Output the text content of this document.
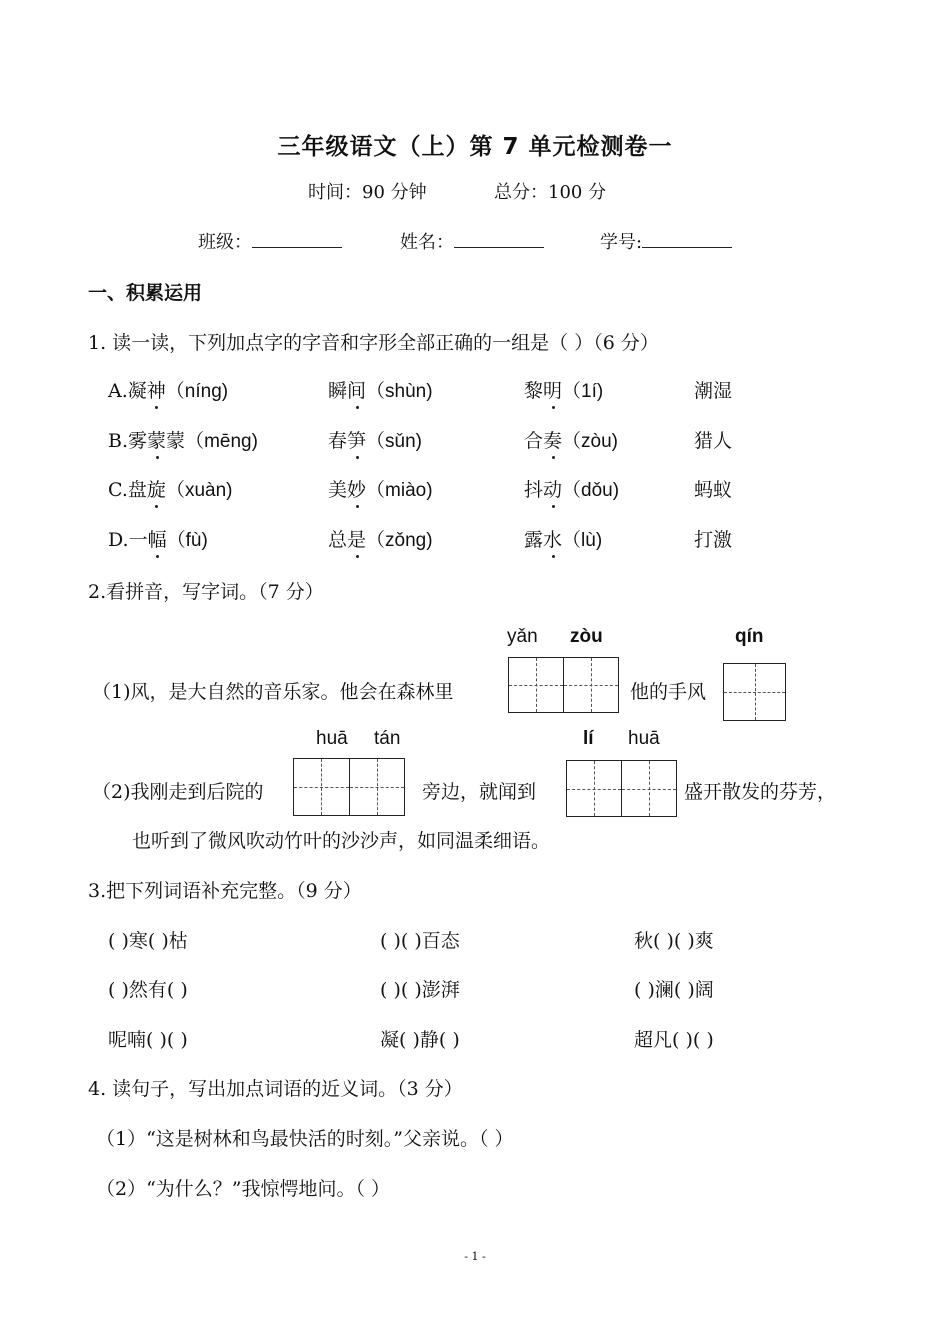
三年级语文（上）第 7 单元检测卷一
时间：90 分钟	总分：100 分
班级：	姓名：	学号:
一、积累运用
1. 读一读，下列加点字的字音和字形全部正确的一组是（ ）（6 分）
A.凝神（níng)	瞬间（shùn)	黎明（1í)	潮湿
B.雾蒙蒙（mēng)	春笋（sǔn)	合奏（zòu)	猎人
C.盘旋（xuàn)	美妙（miào)	抖动（dǒu)	蚂蚁
D.一幅（fù)	总是（zǒng)	露水（lù)	打激
2.看拼音，写字词。（7 分）
yǎn zòu	qín
（1)风，是大自然的音乐家。他会在森林里	他的手风
huā tán	lí huā
（2)我刚走到后院的	旁边，就闻到	盛开散发的芬芳，
也听到了微风吹动竹叶的沙沙声，如同温柔细语。
3.把下列词语补充完整。（9 分）
( )寒( )枯	( )( )百态	秋( )( )爽
( )然有( )	( )( )澎湃	( )澜( )阔
呢喃( )( )	凝( )静( )	超凡( )( )
4. 读句子，写出加点词语的近义词。（3 分）
（1）“这是树林和鸟最快活的时刻。”父亲说。（ ）
（2）“为什么？”我惊愕地问。（ ）
- 1 -
